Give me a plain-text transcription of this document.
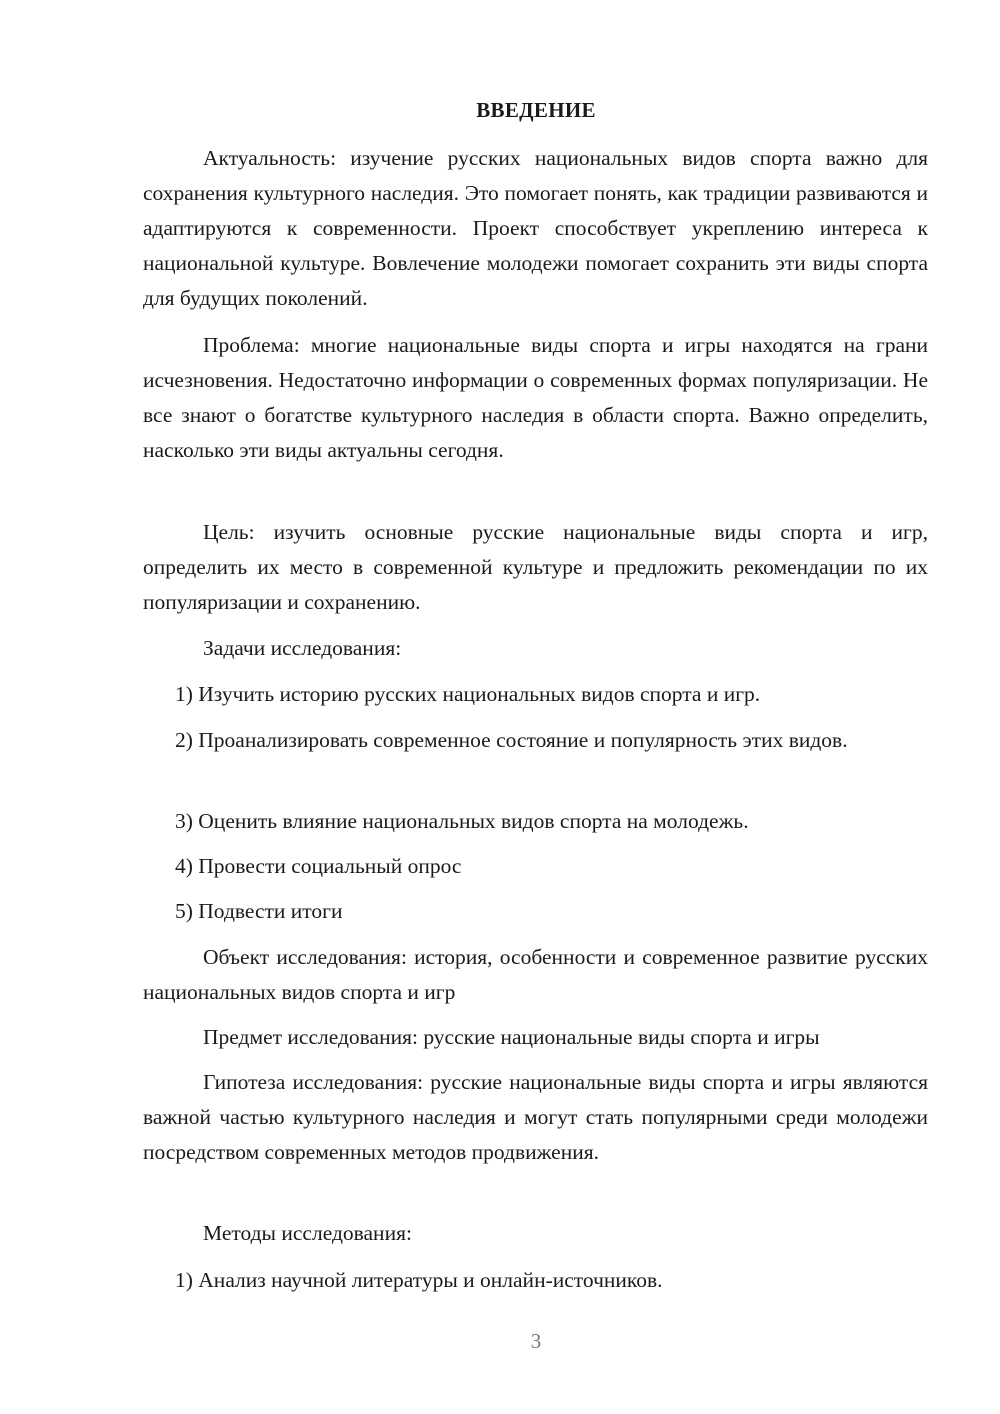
ВВЕДЕНИЕ

Актуальность: изучение русских национальных видов спорта важно для сохранения культурного наследия. Это помогает понять, как традиции развиваются и адаптируются к современности. Проект способствует укреплению интереса к национальной культуре. Вовлечение молодежи помогает сохранить эти виды спорта для будущих поколений.

Проблема: многие национальные виды спорта и игры находятся на грани исчезновения. Недостаточно информации о современных формах популяризации. Не все знают о богатстве культурного наследия в области спорта. Важно определить, насколько эти виды актуальны сегодня.

Цель: изучить основные русские национальные виды спорта и игр, определить их место в современной культуре и предложить рекомендации по их популяризации и сохранению.

Задачи исследования:

1) Изучить историю русских национальных видов спорта и игр.

2) Проанализировать современное состояние и популярность этих видов.

3) Оценить влияние национальных видов спорта на молодежь.

4) Провести социальный опрос

5) Подвести итоги

Объект исследования: история, особенности и современное развитие русских национальных видов спорта и игр

Предмет исследования: русские национальные виды спорта и игры

Гипотеза исследования: русские национальные виды спорта и игры являются важной частью культурного наследия и могут стать популярными среди молодежи посредством современных методов продвижения.

Методы исследования:

1) Анализ научной литературы и онлайн-источников.

3
